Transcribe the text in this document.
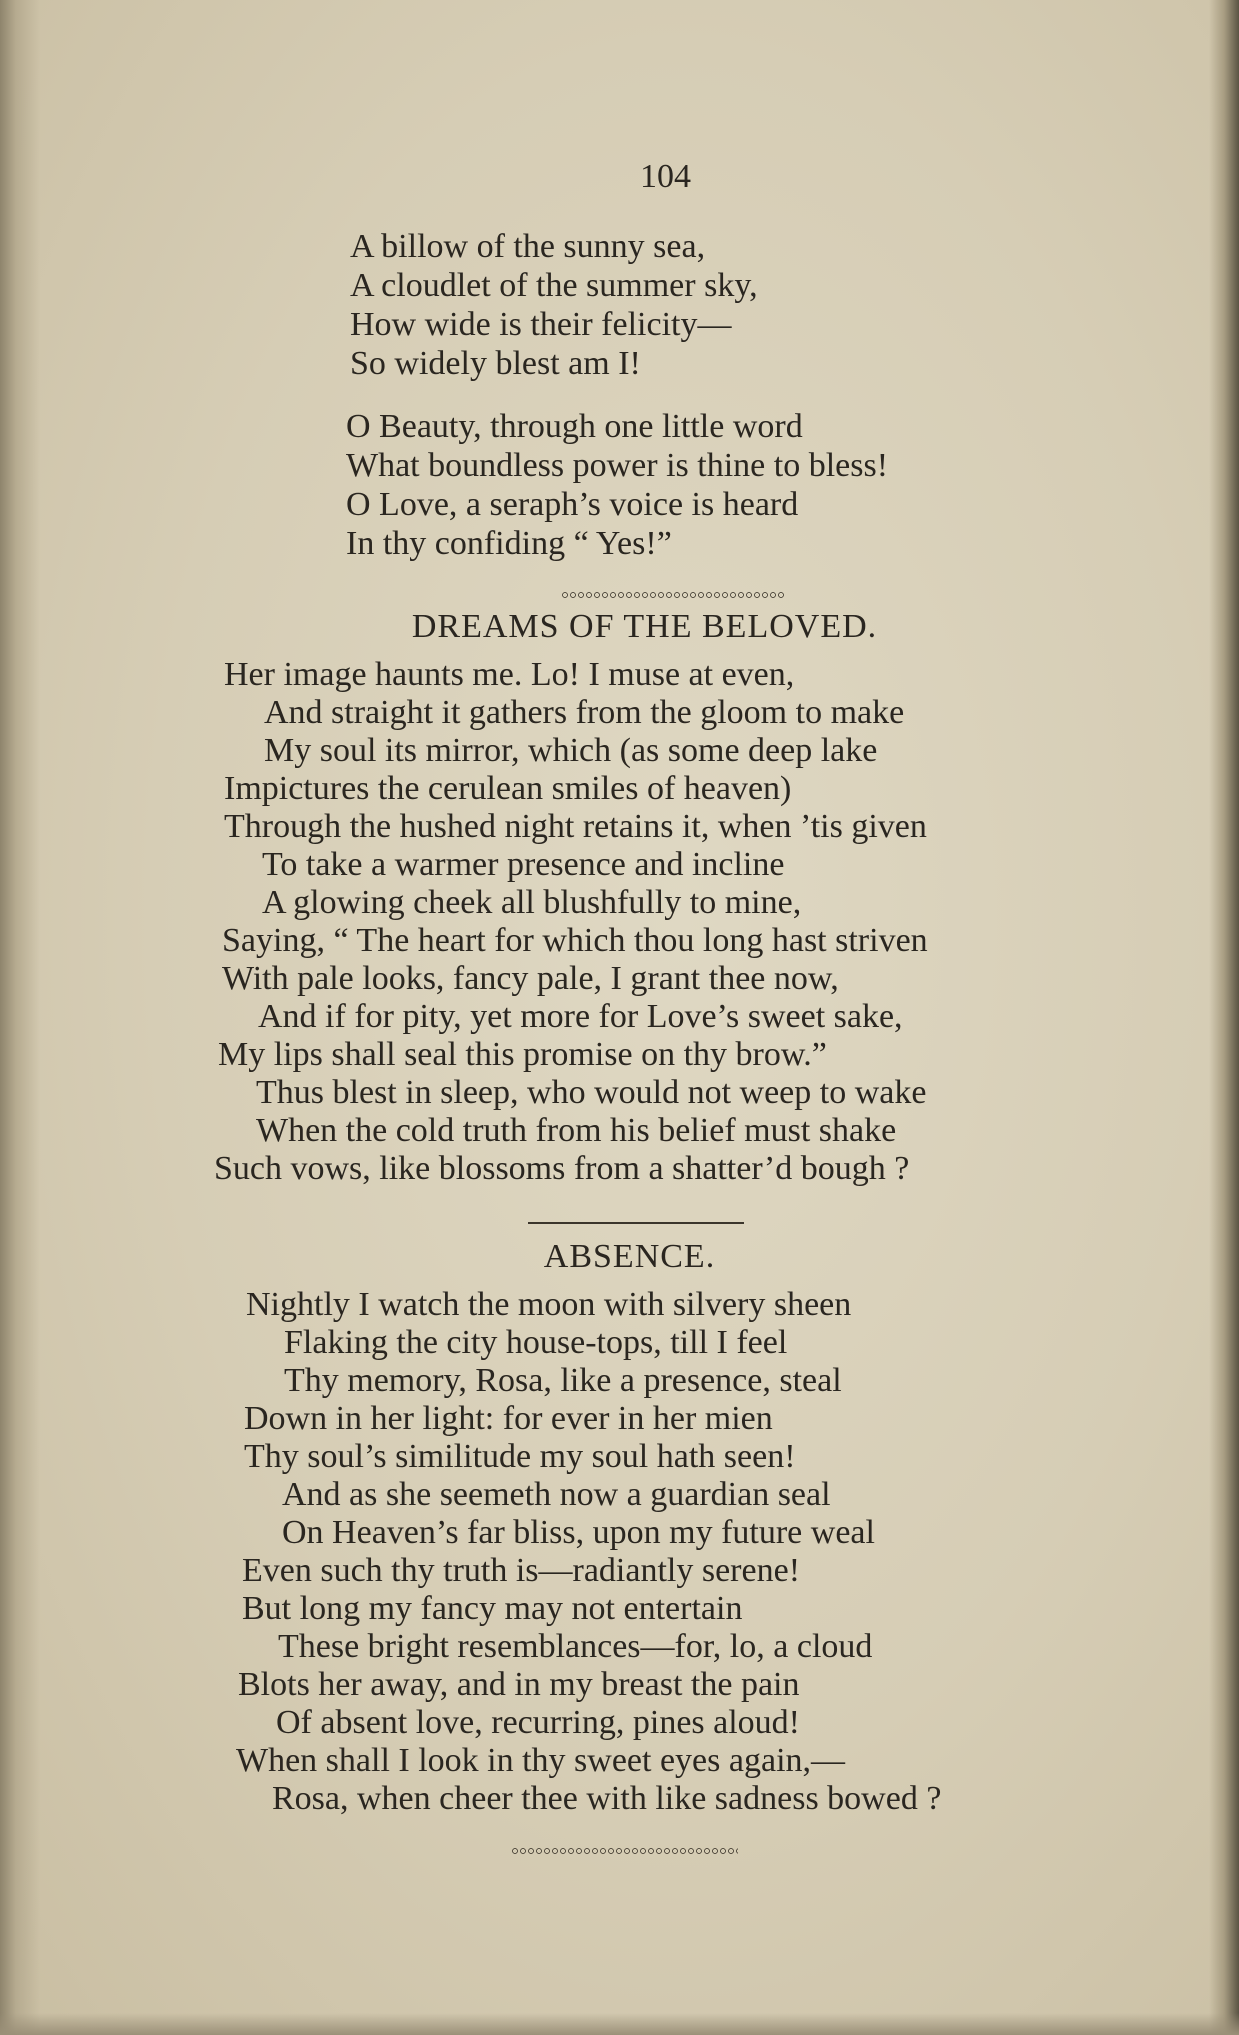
104
A billow of the sunny sea,
A cloudlet of the summer sky,
How wide is their felicity—
So widely blest am I!
O Beauty, through one little word
What boundless power is thine to bless!
O Love, a seraph’s voice is heard
In thy confiding “ Yes!”
DREAMS OF THE BELOVED.
Her image haunts me. Lo! I muse at even,
And straight it gathers from the gloom to make
My soul its mirror, which (as some deep lake
Impictures the cerulean smiles of heaven)
Through the hushed night retains it, when ’tis given
To take a warmer presence and incline
A glowing cheek all blushfully to mine,
Saying, “ The heart for which thou long hast striven
With pale looks, fancy pale, I grant thee now,
And if for pity, yet more for Love’s sweet sake,
My lips shall seal this promise on thy brow.”
Thus blest in sleep, who would not weep to wake
When the cold truth from his belief must shake
Such vows, like blossoms from a shatter’d bough ?
ABSENCE.
Nightly I watch the moon with silvery sheen
Flaking the city house-tops, till I feel
Thy memory, Rosa, like a presence, steal
Down in her light: for ever in her mien
Thy soul’s similitude my soul hath seen!
And as she seemeth now a guardian seal
On Heaven’s far bliss, upon my future weal
Even such thy truth is—radiantly serene!
But long my fancy may not entertain
These bright resemblances—for, lo, a cloud
Blots her away, and in my breast the pain
Of absent love, recurring, pines aloud!
When shall I look in thy sweet eyes again,—
Rosa, when cheer thee with like sadness bowed ?
